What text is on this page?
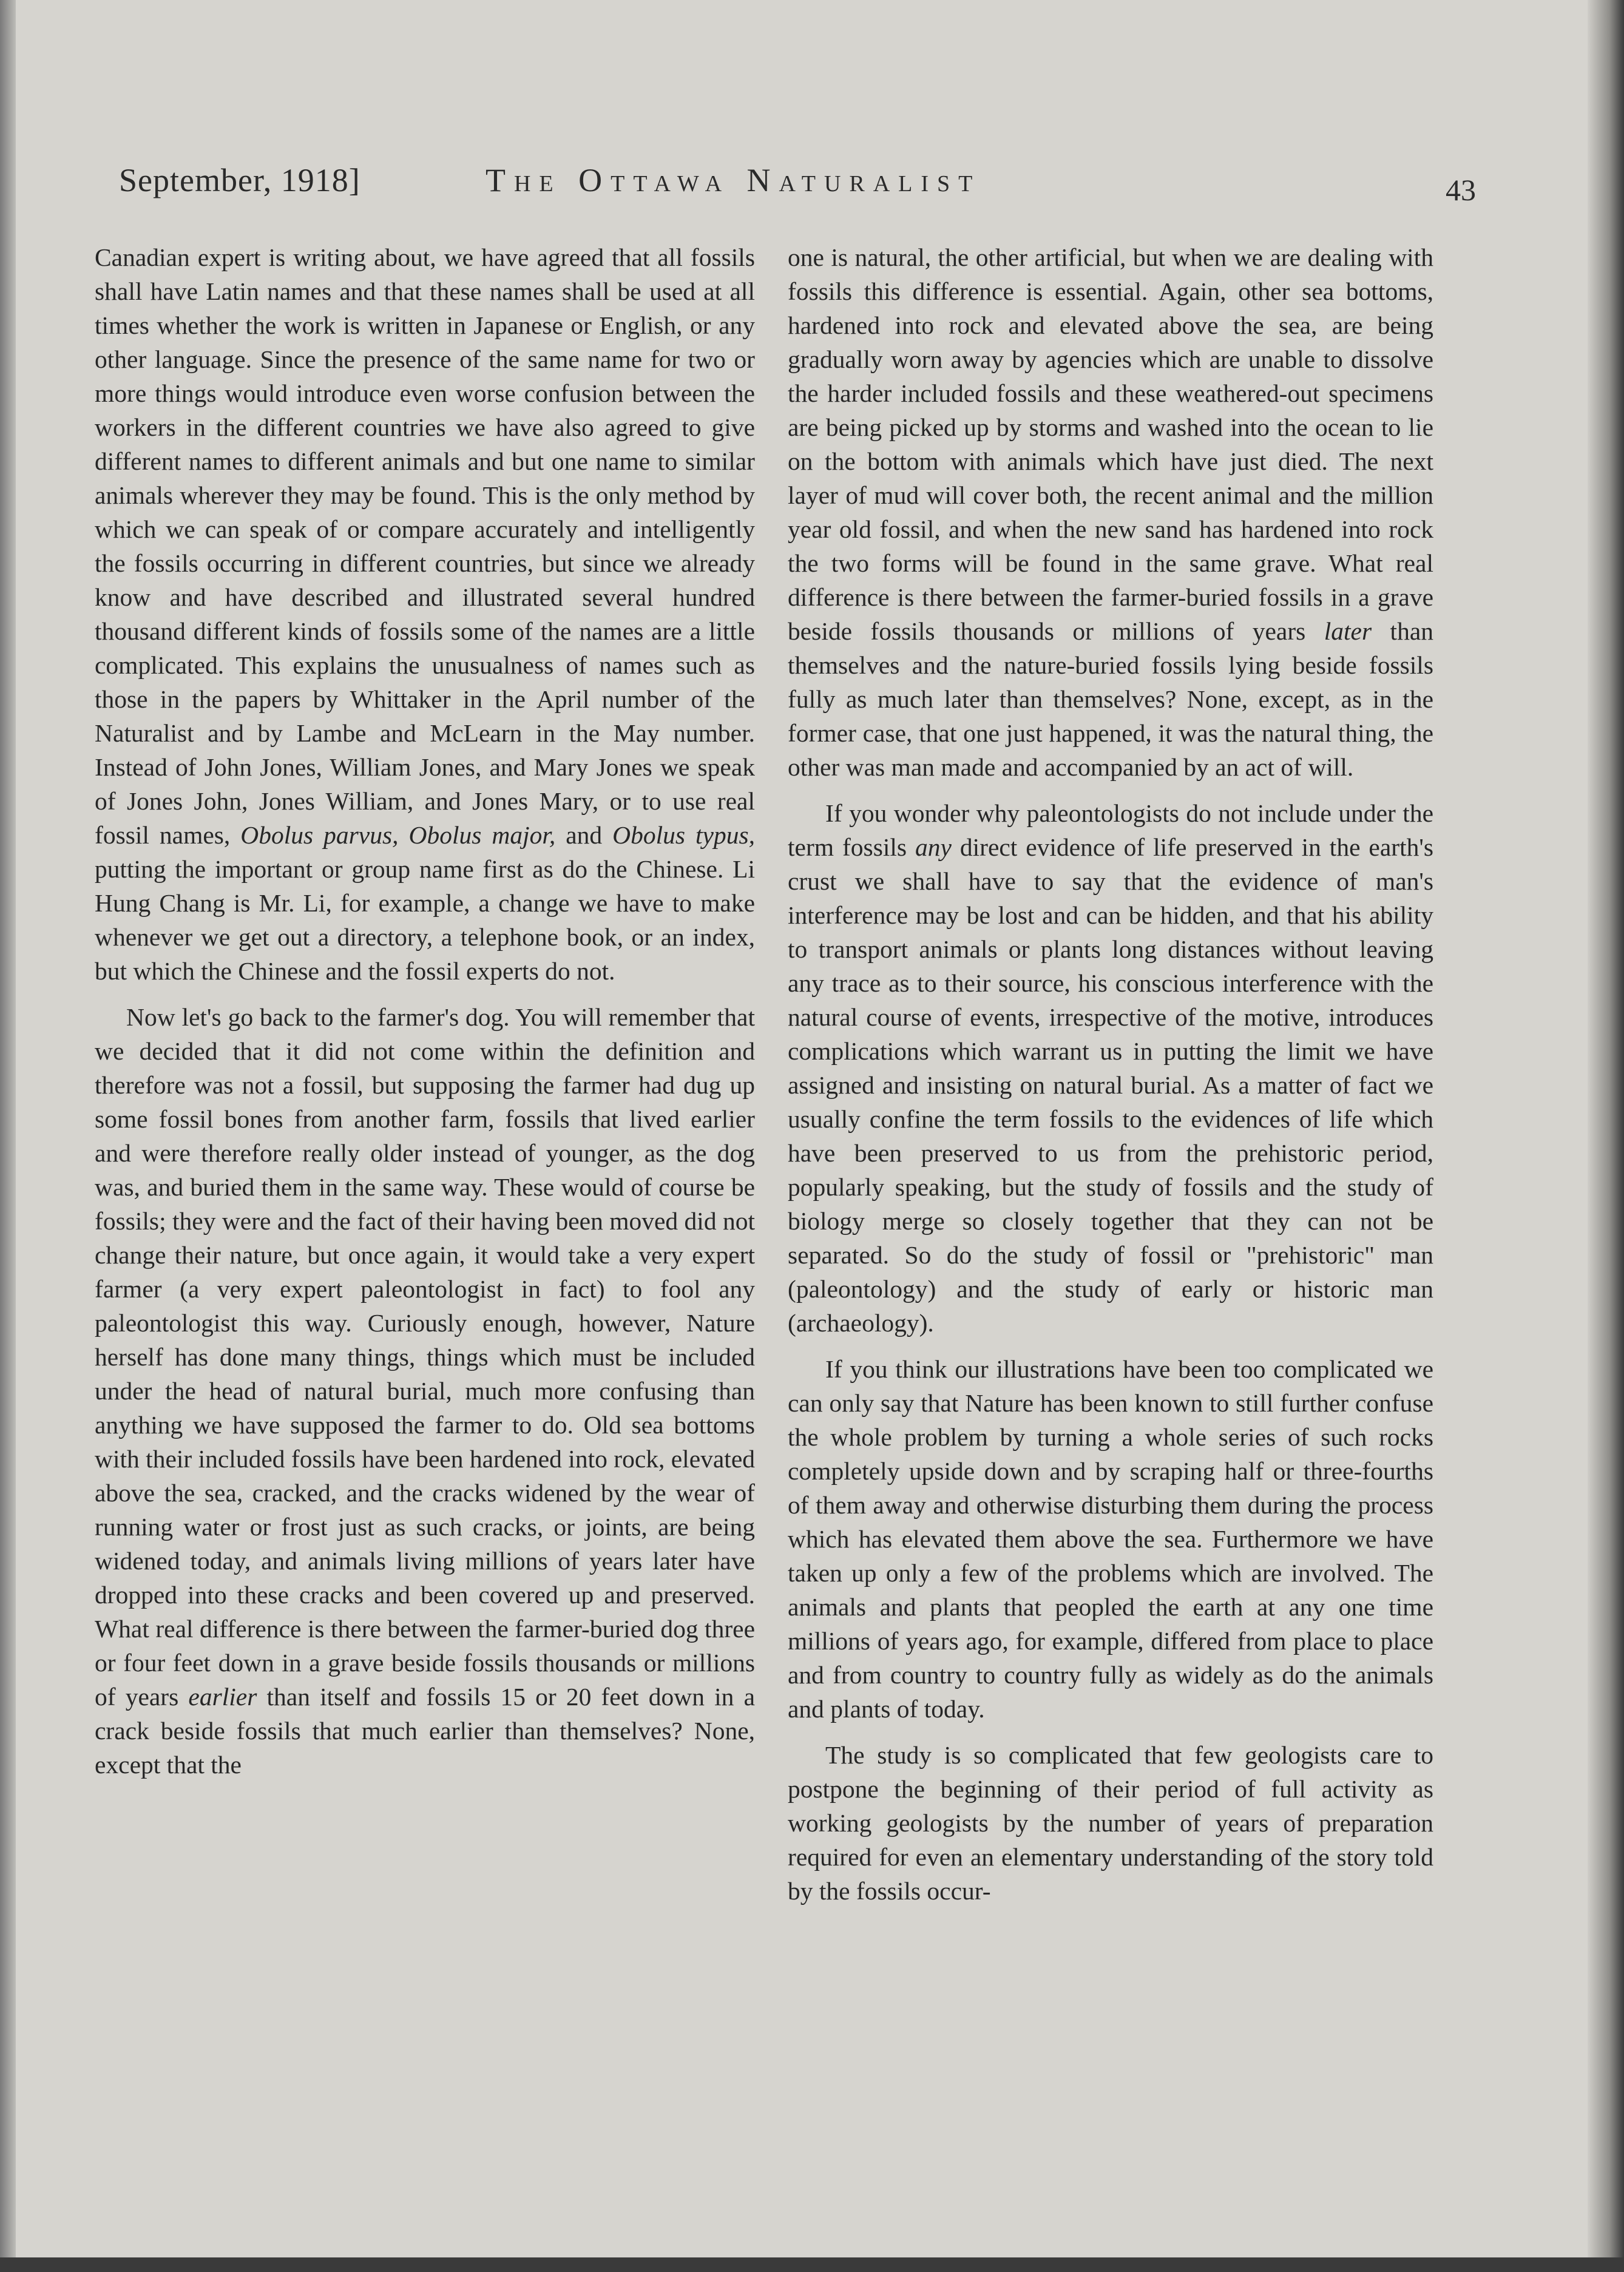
September, 1918]	The Ottawa Naturalist	43

Canadian expert is writing about, we have agreed that all fossils shall have Latin names and that these names shall be used at all times whether the work is written in Japanese or English, or any other language. Since the presence of the same name for two or more things would introduce even worse confusion between the workers in the different countries we have also agreed to give different names to different animals and but one name to similar animals wherever they may be found. This is the only method by which we can speak of or compare accurately and intelligently the fossils occurring in different countries, but since we already know and have described and illustrated several hundred thousand different kinds of fossils some of the names are a little complicated. This explains the unusualness of names such as those in the papers by Whittaker in the April number of the Naturalist and by Lambe and McLearn in the May number. Instead of John Jones, William Jones, and Mary Jones we speak of Jones John, Jones William, and Jones Mary, or to use real fossil names, Obolus parvus, Obolus major, and Obolus typus, putting the important or group name first as do the Chinese. Li Hung Chang is Mr. Li, for example, a change we have to make whenever we get out a directory, a telephone book, or an index, but which the Chinese and the fossil experts do not.

Now let's go back to the farmer's dog. You will remember that we decided that it did not come within the definition and therefore was not a fossil, but supposing the farmer had dug up some fossil bones from another farm, fossils that lived earlier and were therefore really older instead of younger, as the dog was, and buried them in the same way. These would of course be fossils; they were and the fact of their having been moved did not change their nature, but once again, it would take a very expert farmer (a very expert paleontologist in fact) to fool any paleontologist this way. Curiously enough, however, Nature herself has done many things, things which must be included under the head of natural burial, much more confusing than anything we have supposed the farmer to do. Old sea bottoms with their included fossils have been hardened into rock, elevated above the sea, cracked, and the cracks widened by the wear of running water or frost just as such cracks, or joints, are being widened today, and animals living millions of years later have dropped into these cracks and been covered up and preserved. What real difference is there between the farmer-buried dog three or four feet down in a grave beside fossils thousands or millions of years earlier than itself and fossils 15 or 20 feet down in a crack beside fossils that much earlier than themselves? None, except that the

one is natural, the other artificial, but when we are dealing with fossils this difference is essential. Again, other sea bottoms, hardened into rock and elevated above the sea, are being gradually worn away by agencies which are unable to dissolve the harder included fossils and these weathered-out specimens are being picked up by storms and washed into the ocean to lie on the bottom with animals which have just died. The next layer of mud will cover both, the recent animal and the million year old fossil, and when the new sand has hardened into rock the two forms will be found in the same grave. What real difference is there between the farmer-buried fossils in a grave beside fossils thousands or millions of years later than themselves and the nature-buried fossils lying beside fossils fully as much later than themselves? None, except, as in the former case, that one just happened, it was the natural thing, the other was man made and accompanied by an act of will.

If you wonder why paleontologists do not include under the term fossils any direct evidence of life preserved in the earth's crust we shall have to say that the evidence of man's interference may be lost and can be hidden, and that his ability to transport animals or plants long distances without leaving any trace as to their source, his conscious interference with the natural course of events, irrespective of the motive, introduces complications which warrant us in putting the limit we have assigned and insisting on natural burial. As a matter of fact we usually confine the term fossils to the evidences of life which have been preserved to us from the prehistoric period, popularly speaking, but the study of fossils and the study of biology merge so closely together that they can not be separated. So do the study of fossil or "prehistoric" man (paleontology) and the study of early or historic man (archaeology).

If you think our illustrations have been too complicated we can only say that Nature has been known to still further confuse the whole problem by turning a whole series of such rocks completely upside down and by scraping half or three-fourths of them away and otherwise disturbing them during the process which has elevated them above the sea. Furthermore we have taken up only a few of the problems which are involved. The animals and plants that peopled the earth at any one time millions of years ago, for example, differed from place to place and from country to country fully as widely as do the animals and plants of today.

The study is so complicated that few geologists care to postpone the beginning of their period of full activity as working geologists by the number of years of preparation required for even an elementary understanding of the story told by the fossils occur-
